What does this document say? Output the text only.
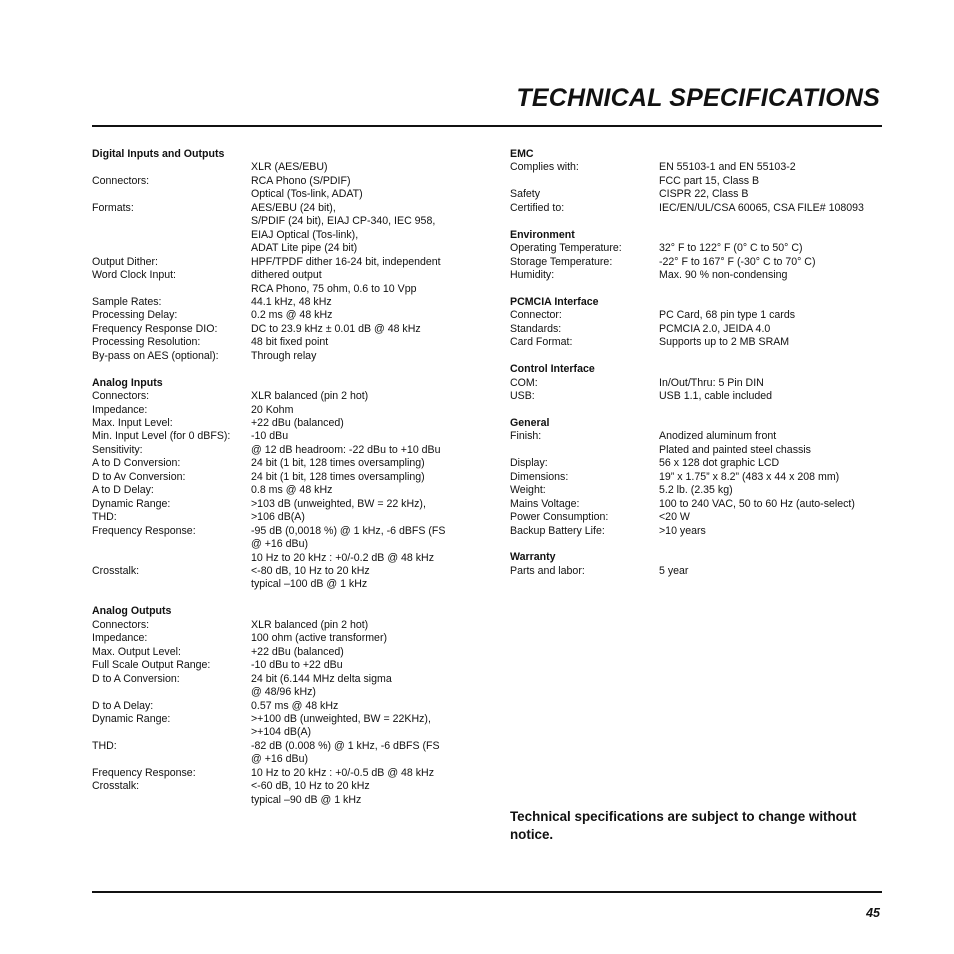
TECHNICAL SPECIFICATIONS
Digital Inputs and Outputs
XLR (AES/EBU)
Connectors:	RCA Phono (S/PDIF)
Optical (Tos-link, ADAT)
Formats:	AES/EBU (24 bit),
S/PDIF (24 bit), EIAJ CP-340, IEC 958,
EIAJ Optical (Tos-link),
ADAT Lite pipe (24 bit)
Output Dither:	HPF/TPDF dither 16-24 bit, independent
Word Clock Input:	dithered output
RCA Phono, 75 ohm, 0.6 to 10 Vpp
Sample Rates:	44.1 kHz, 48 kHz
Processing Delay:	0.2 ms @ 48 kHz
Frequency Response DIO:	DC to 23.9 kHz ± 0.01 dB @ 48 kHz
Processing Resolution:	48 bit fixed point
By-pass on AES (optional):	Through relay
Analog Inputs
Connectors:	XLR balanced (pin 2 hot)
Impedance:	20 Kohm
Max. Input Level:	+22 dBu (balanced)
Min. Input Level (for 0 dBFS):	-10 dBu
Sensitivity:	@ 12 dB headroom: -22 dBu to +10 dBu
A to D Conversion:	24 bit (1 bit, 128 times oversampling)
D to Av Conversion:	24 bit (1 bit, 128 times oversampling)
A to D Delay:	0.8 ms @ 48 kHz
Dynamic Range:	>103 dB (unweighted, BW = 22 kHz),
THD:	>106 dB(A)
Frequency Response:	-95 dB (0,0018 %) @ 1 kHz, -6 dBFS (FS
@ +16 dBu)
10 Hz to 20 kHz : +0/-0.2 dB @ 48 kHz
Crosstalk:	<-80 dB, 10 Hz to 20 kHz
typical –100 dB @ 1 kHz
Analog Outputs
Connectors:	XLR balanced (pin 2 hot)
Impedance:	100 ohm (active transformer)
Max. Output Level:	+22 dBu (balanced)
Full Scale Output Range:	-10 dBu to +22 dBu
D to A Conversion:	24 bit (6.144 MHz delta sigma
@ 48/96 kHz)
D to A Delay:	0.57 ms @ 48 kHz
Dynamic Range:	>+100 dB (unweighted, BW = 22KHz),
>+104 dB(A)
THD:	-82 dB (0.008 %) @ 1 kHz, -6 dBFS (FS
@ +16 dBu)
Frequency Response:	10 Hz to 20 kHz : +0/-0.5 dB @ 48 kHz
Crosstalk:	<-60 dB, 10 Hz to 20 kHz
typical –90 dB @ 1 kHz
EMC
Complies with:	EN 55103-1 and EN 55103-2
FCC part 15, Class B
Safety	CISPR 22, Class B
Certified to:	IEC/EN/UL/CSA 60065, CSA FILE# 108093
Environment
Operating Temperature:	32° F to 122° F (0° C to 50° C)
Storage Temperature:	-22° F to 167° F (-30° C to 70° C)
Humidity:	Max. 90 % non-condensing
PCMCIA Interface
Connector:	PC Card, 68 pin type 1 cards
Standards:	PCMCIA 2.0, JEIDA 4.0
Card Format:	Supports up to 2 MB SRAM
Control Interface
COM:	In/Out/Thru: 5 Pin DIN
USB:	USB 1.1, cable included
General
Finish:	Anodized aluminum front
Plated and painted steel chassis
Display:	56 x 128 dot graphic LCD
Dimensions:	19” x 1.75” x 8.2” (483 x 44 x 208 mm)
Weight:	5.2 lb. (2.35 kg)
Mains Voltage:	100 to 240 VAC, 50 to 60 Hz (auto-select)
Power Consumption:	<20 W
Backup Battery Life:	>10 years
Warranty
Parts and labor:	5 year

Technical specifications are subject to change without notice.

45
